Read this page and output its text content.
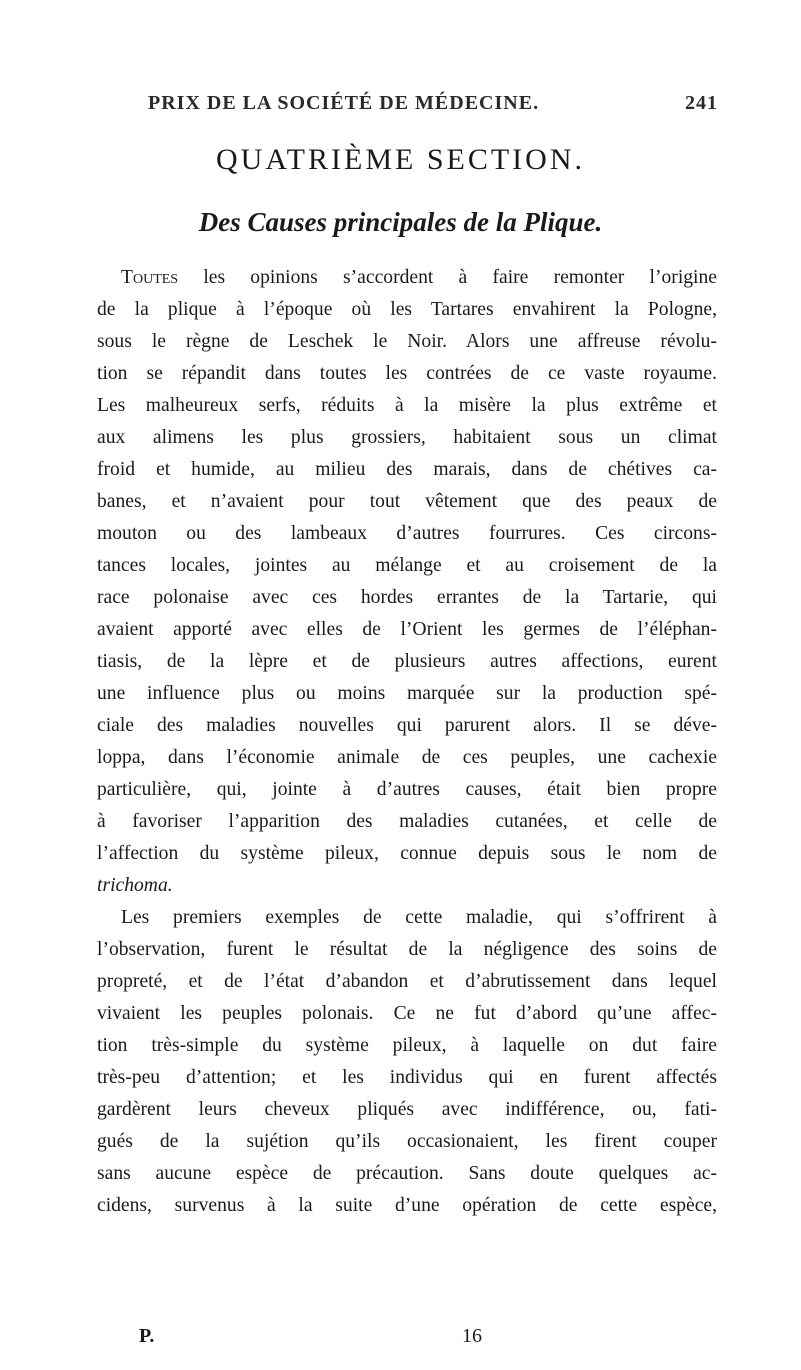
PRIX DE LA SOCIÉTÉ DE MÉDECINE.	241
QUATRIÈME SECTION.
Des Causes principales de la Plique.
Toutes les opinions s’accordent à faire remonter l’origine
de la plique à l’époque où les Tartares envahirent la Pologne,
sous le règne de Leschek le Noir. Alors une affreuse révolu-
tion se répandit dans toutes les contrées de ce vaste royaume.
Les malheureux serfs, réduits à la misère la plus extrême et
aux alimens les plus grossiers, habitaient sous un climat
froid et humide, au milieu des marais, dans de chétives ca-
banes, et n’avaient pour tout vêtement que des peaux de
mouton ou des lambeaux d’autres fourrures. Ces circons-
tances locales, jointes au mélange et au croisement de la
race polonaise avec ces hordes errantes de la Tartarie, qui
avaient apporté avec elles de l’Orient les germes de l’éléphan-
tiasis, de la lèpre et de plusieurs autres affections, eurent
une influence plus ou moins marquée sur la production spé-
ciale des maladies nouvelles qui parurent alors. Il se déve-
loppa, dans l’économie animale de ces peuples, une cachexie
particulière, qui, jointe à d’autres causes, était bien propre
à favoriser l’apparition des maladies cutanées, et celle de
l’affection du système pileux, connue depuis sous le nom de
trichoma.
Les premiers exemples de cette maladie, qui s’offrirent à
l’observation, furent le résultat de la négligence des soins de
propreté, et de l’état d’abandon et d’abrutissement dans lequel
vivaient les peuples polonais. Ce ne fut d’abord qu’une affec-
tion très-simple du système pileux, à laquelle on dut faire
très-peu d’attention; et les individus qui en furent affectés
gardèrent leurs cheveux pliqués avec indifférence, ou, fati-
gués de la sujétion qu’ils occasionaient, les firent couper
sans aucune espèce de précaution. Sans doute quelques ac-
cidens, survenus à la suite d’une opération de cette espèce,
P.	16
